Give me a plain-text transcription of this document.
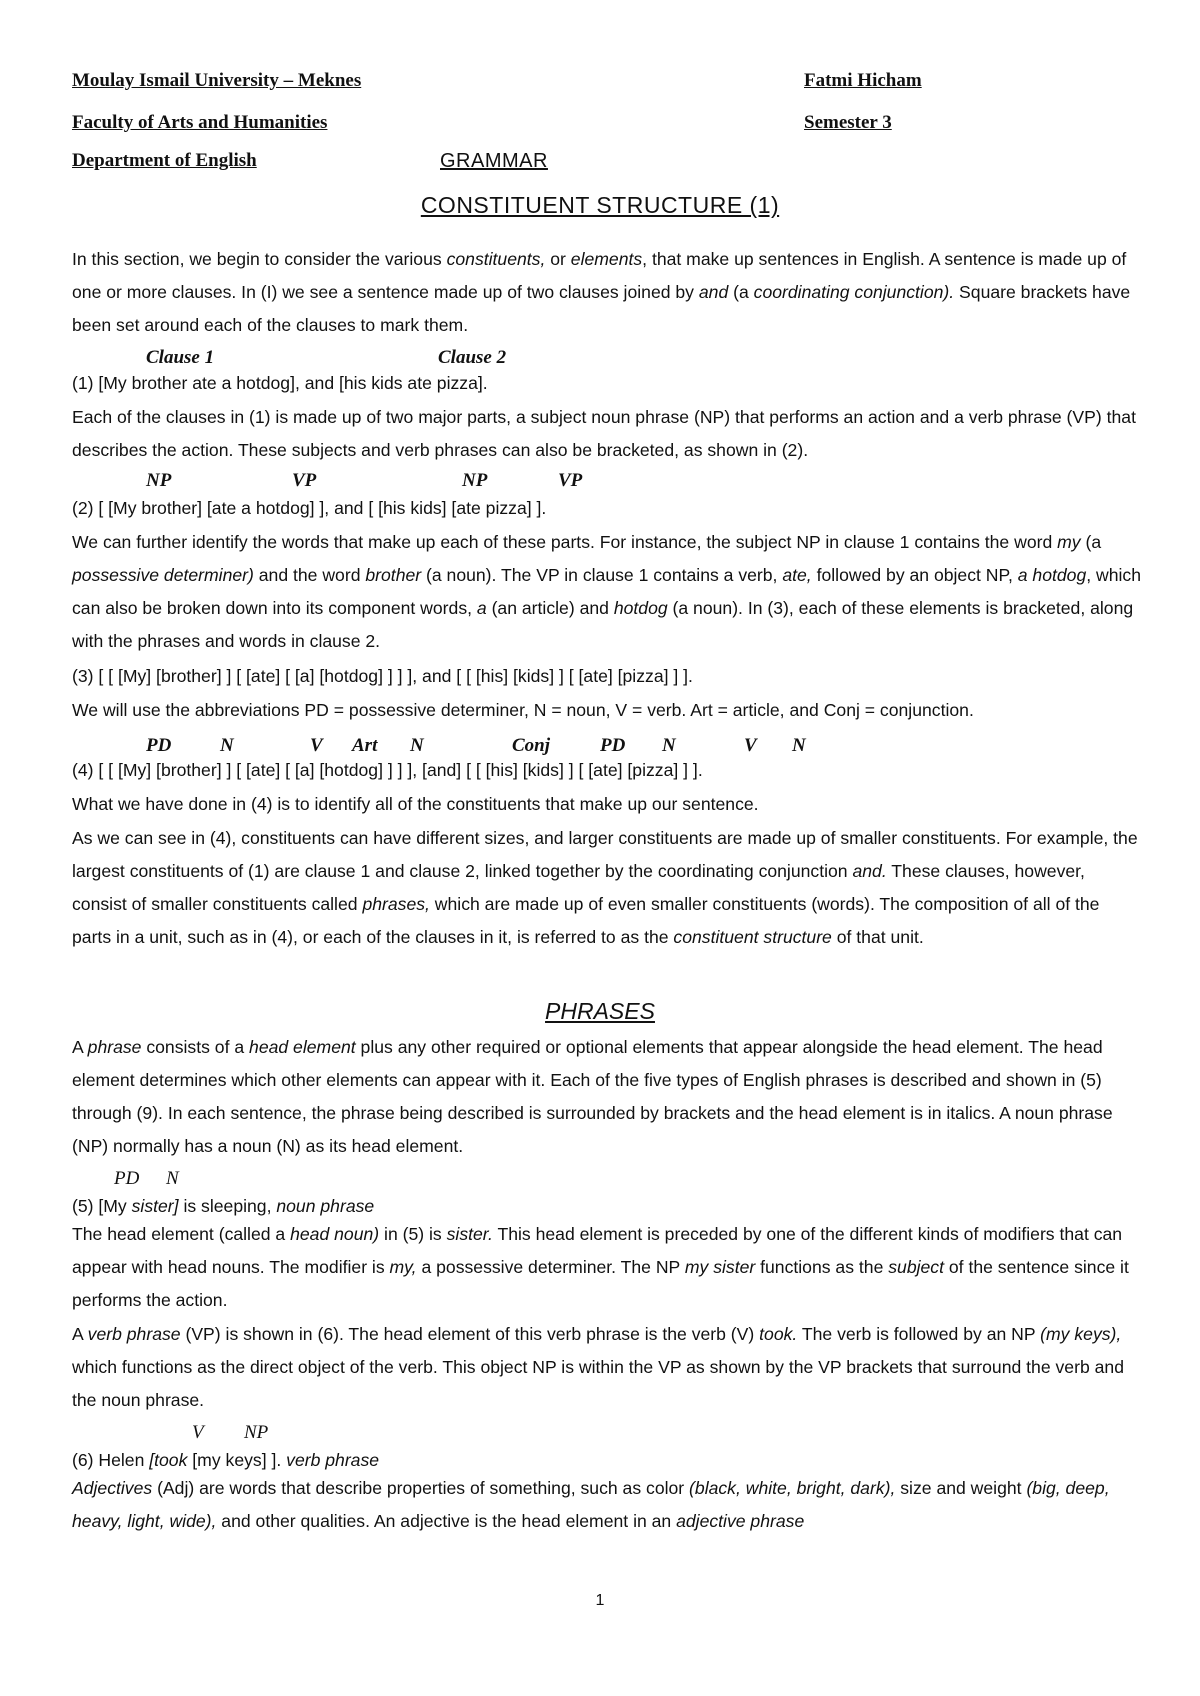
Moulay Ismail University – Meknes	Fatmi Hicham
Faculty of Arts and Humanities	Semester 3
Department of English	GRAMMAR
CONSTITUENT STRUCTURE (1)

In this section, we begin to consider the various constituents, or elements, that make up sentences in English. A sentence is made up of one or more clauses. In (I) we see a sentence made up of two clauses joined by and (a coordinating conjunction). Square brackets have been set around each of the clauses to mark them.

Clause 1	Clause 2
(1) [My brother ate a hotdog], and [his kids ate pizza].
Each of the clauses in (1) is made up of two major parts, a subject noun phrase (NP) that performs an action and a verb phrase (VP) that describes the action. These subjects and verb phrases can also be bracketed, as shown in (2).
NP	VP	NP	VP
(2) [ [My brother] [ate a hotdog] ], and [ [his kids] [ate pizza] ].

We can further identify the words that make up each of these parts. For instance, the subject NP in clause 1 contains the word my (a possessive determiner) and the word brother (a noun). The VP in clause 1 contains a verb, ate, followed by an object NP, a hotdog, which can also be broken down into its component words, a (an article) and hotdog (a noun). In (3), each of these elements is bracketed, along with the phrases and words in clause 2.

(3) [ [ [My] [brother] ] [ [ate] [ [a] [hotdog] ] ] ], and [ [ [his] [kids] ] [ [ate] [pizza] ] ].
We will use the abbreviations PD = possessive determiner, N = noun, V = verb. Art = article, and Conj = conjunction.
PD	N	V Art N	Conj	PD N	V N
(4) [ [ [My] [brother] ] [ [ate] [ [a] [hotdog] ] ] ], [and] [ [ [his] [kids] ] [ [ate] [pizza] ] ].
What we have done in (4) is to identify all of the constituents that make up our sentence.

As we can see in (4), constituents can have different sizes, and larger constituents are made up of smaller constituents. For example, the largest constituents of (1) are clause 1 and clause 2, linked together by the coordinating conjunction and. These clauses, however, consist of smaller constituents called phrases, which are made up of even smaller constituents (words). The composition of all of the parts in a unit, such as in (4), or each of the clauses in it, is referred to as the constituent structure of that unit.

PHRASES

A phrase consists of a head element plus any other required or optional elements that appear alongside the head element. The head element determines which other elements can appear with it. Each of the five types of English phrases is described and shown in (5) through (9). In each sentence, the phrase being described is surrounded by brackets and the head element is in italics. A noun phrase (NP) normally has a noun (N) as its head element.

PD N
(5) [My sister] is sleeping, noun phrase

The head element (called a head noun) in (5) is sister. This head element is preceded by one of the different kinds of modifiers that can appear with head nouns. The modifier is my, a possessive determiner. The NP my sister functions as the subject of the sentence since it performs the action.

A verb phrase (VP) is shown in (6). The head element of this verb phrase is the verb (V) took. The verb is followed by an NP (my keys), which functions as the direct object of the verb. This object NP is within the VP as shown by the VP brackets that surround the verb and the noun phrase.

V NP
(6) Helen [took [my keys] ]. verb phrase

Adjectives (Adj) are words that describe properties of something, such as color (black, white, bright, dark), size and weight (big, deep, heavy, light, wide), and other qualities. An adjective is the head element in an adjective phrase

1
